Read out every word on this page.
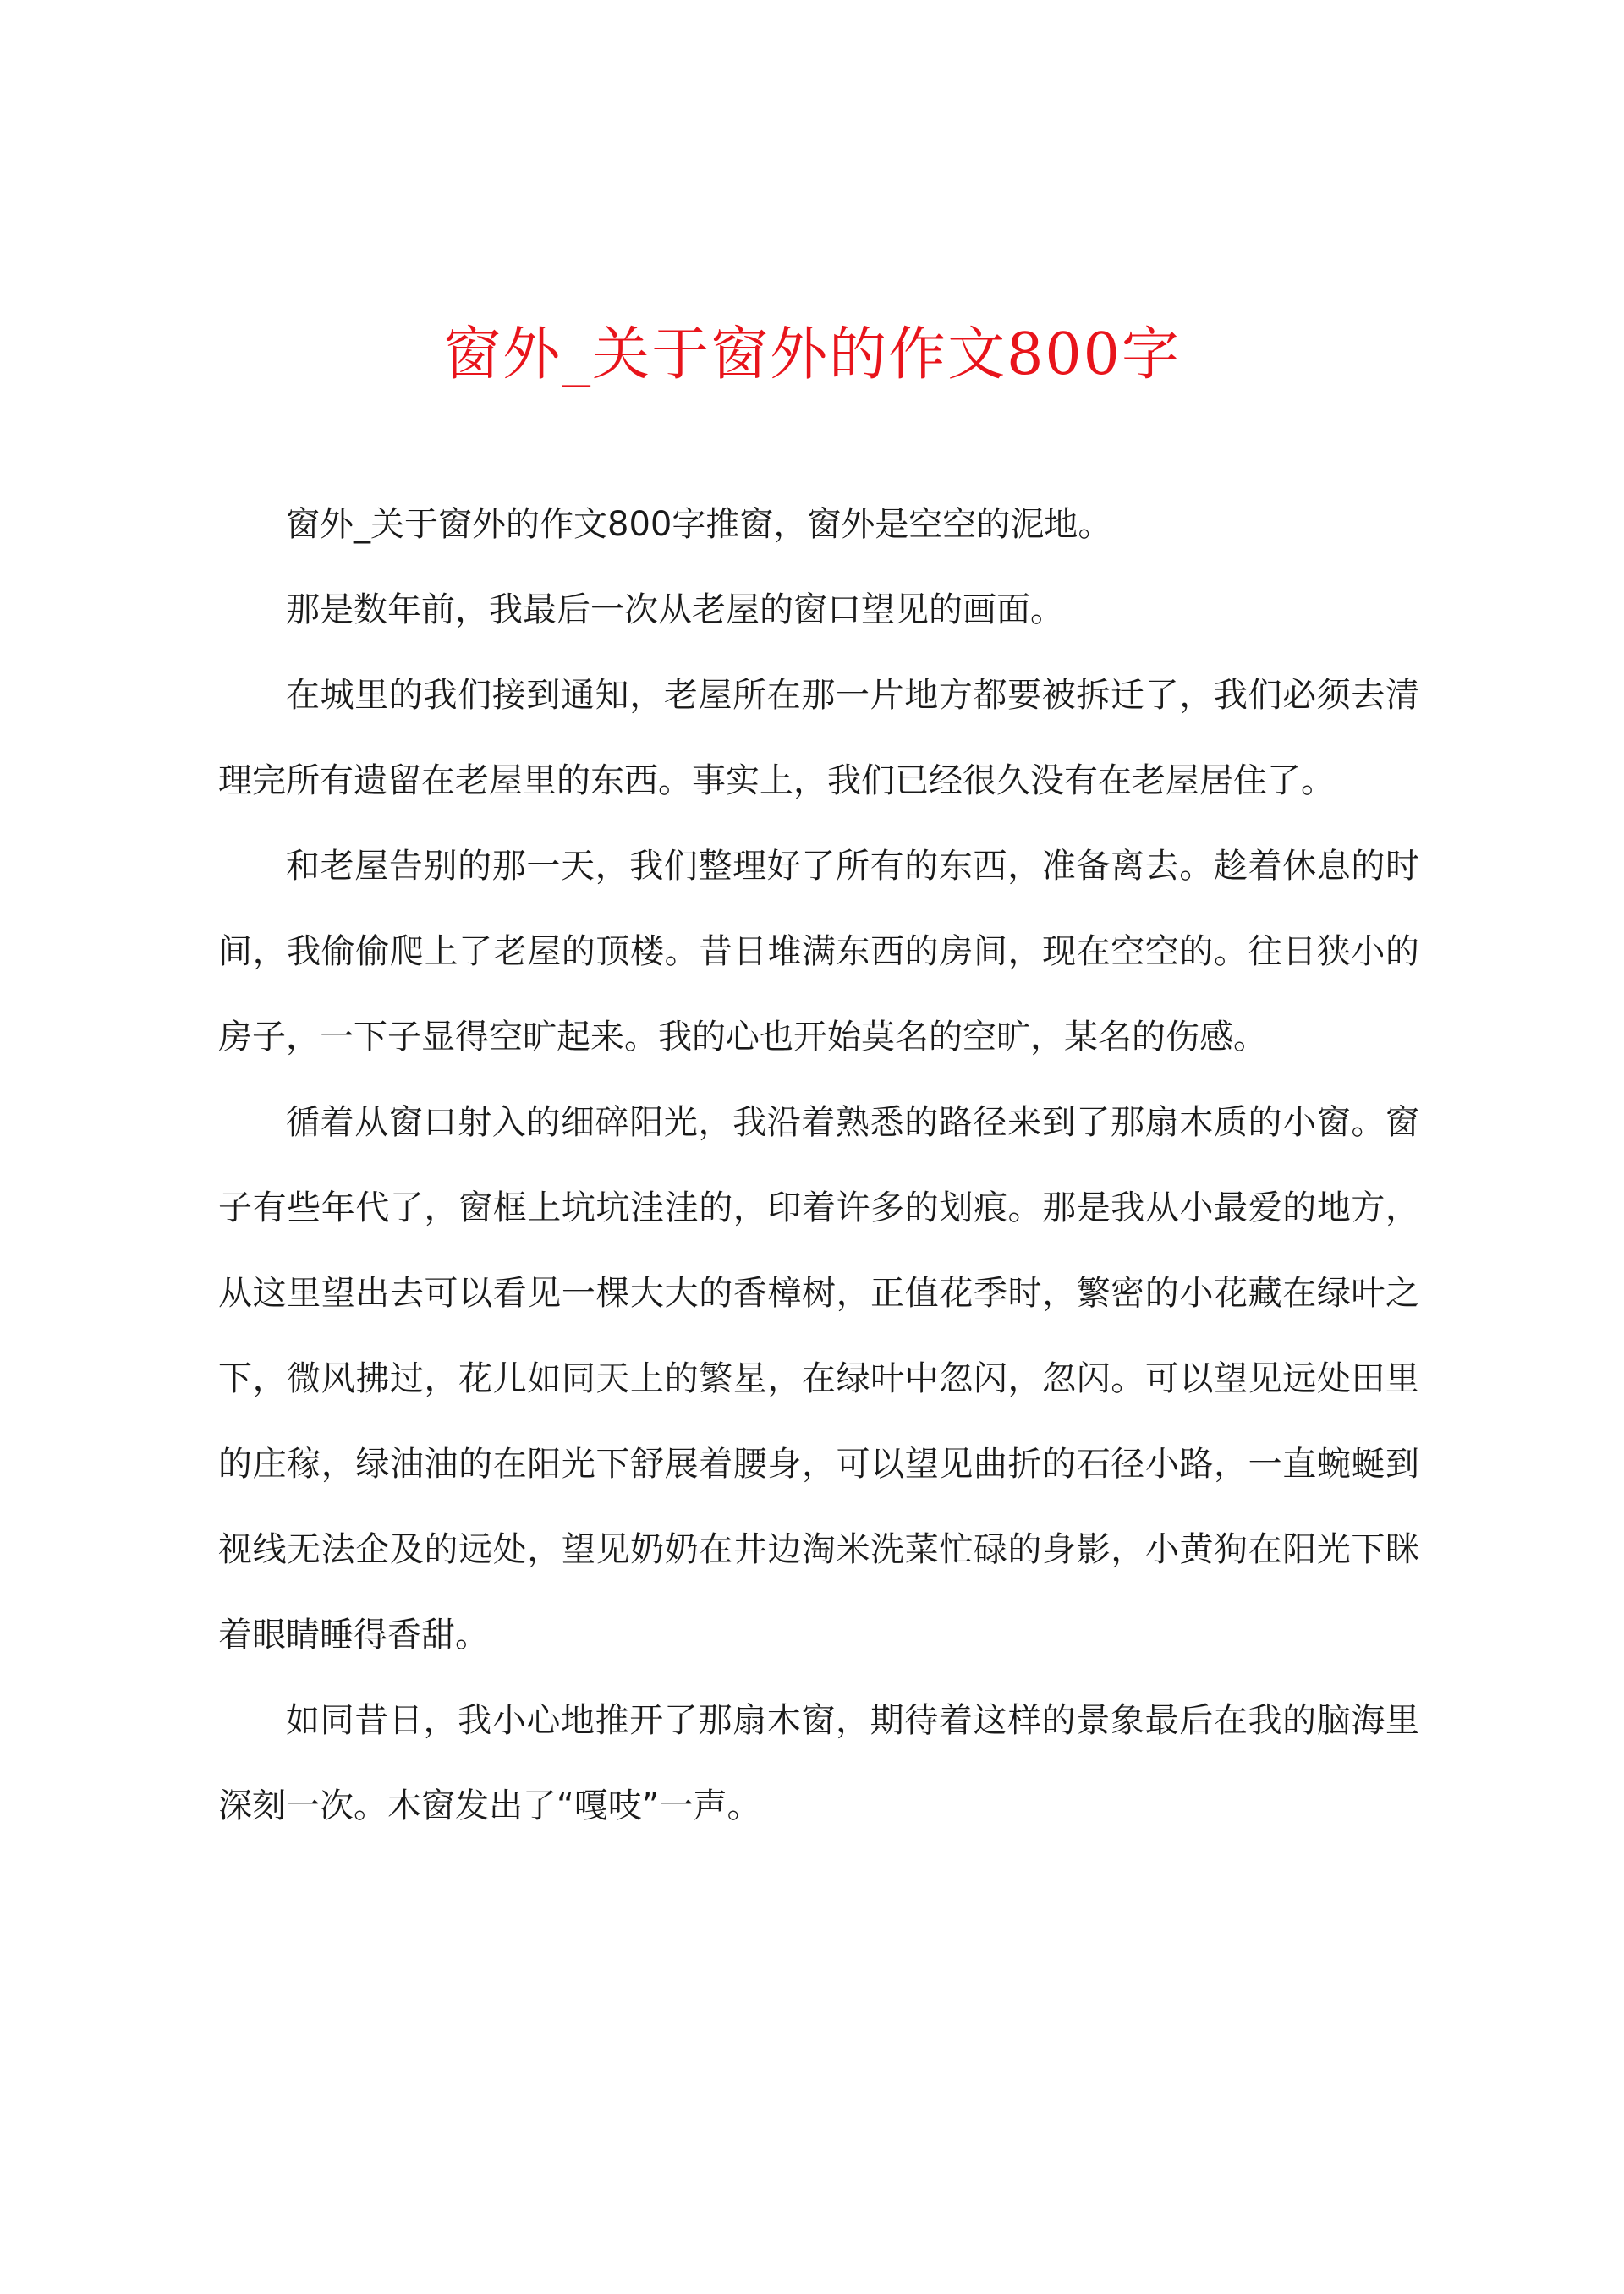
窗外_关于窗外的作文800字

窗外_关于窗外的作文800字推窗，窗外是空空的泥地。

那是数年前，我最后一次从老屋的窗口望见的画面。

在城里的我们接到通知，老屋所在那一片地方都要被拆迁了，我们必须去清理完所有遗留在老屋里的东西。事实上，我们已经很久没有在老屋居住了。

和老屋告别的那一天，我们整理好了所有的东西，准备离去。趁着休息的时间，我偷偷爬上了老屋的顶楼。昔日堆满东西的房间，现在空空的。往日狭小的房子，一下子显得空旷起来。我的心也开始莫名的空旷，某名的伤感。

循着从窗口射入的细碎阳光，我沿着熟悉的路径来到了那扇木质的小窗。窗子有些年代了，窗框上坑坑洼洼的，印着许多的划痕。那是我从小最爱的地方，从这里望出去可以看见一棵大大的香樟树，正值花季时，繁密的小花藏在绿叶之下，微风拂过，花儿如同天上的繁星，在绿叶中忽闪，忽闪。可以望见远处田里的庄稼，绿油油的在阳光下舒展着腰身，可以望见曲折的石径小路，一直蜿蜒到视线无法企及的远处，望见奶奶在井边淘米洗菜忙碌的身影，小黄狗在阳光下眯着眼睛睡得香甜。

如同昔日，我小心地推开了那扇木窗，期待着这样的景象最后在我的脑海里深刻一次。木窗发出了“嘎吱”一声。
